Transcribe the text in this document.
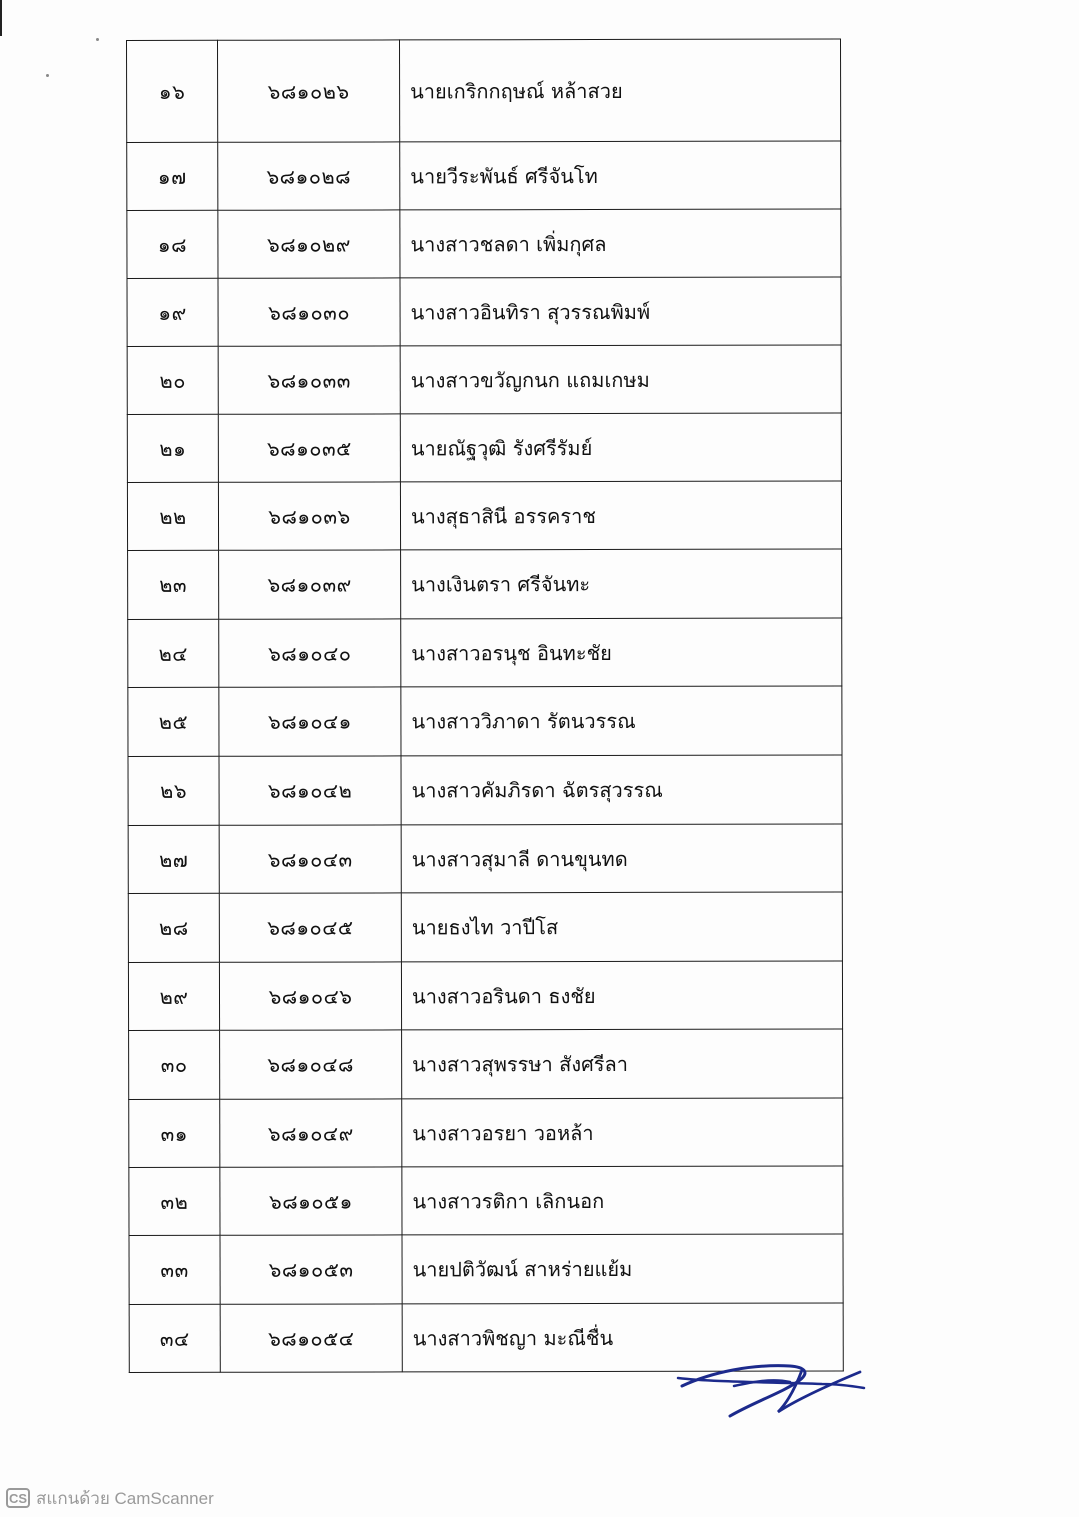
๑๖	๖๘๑๐๒๖	นายเกริกกฤษณ์ หล้าสวย
๑๗	๖๘๑๐๒๘	นายวีระพันธ์ ศรีจันโท
๑๘	๖๘๑๐๒๙	นางสาวชลดา เพิ่มกุศล
๑๙	๖๘๑๐๓๐	นางสาวอินทิรา สุวรรณพิมพ์
๒๐	๖๘๑๐๓๓	นางสาวขวัญกนก แถมเกษม
๒๑	๖๘๑๐๓๕	นายณัฐวุฒิ รังศรีรัมย์
๒๒	๖๘๑๐๓๖	นางสุธาสินี อรรคราช
๒๓	๖๘๑๐๓๙	นางเงินตรา ศรีจันทะ
๒๔	๖๘๑๐๔๐	นางสาวอรนุช อินทะชัย
๒๕	๖๘๑๐๔๑	นางสาววิภาดา รัตนวรรณ
๒๖	๖๘๑๐๔๒	นางสาวคัมภิรดา ฉัตรสุวรรณ
๒๗	๖๘๑๐๔๓	นางสาวสุมาลี ดานขุนทด
๒๘	๖๘๑๐๔๕	นายธงไท วาปีโส
๒๙	๖๘๑๐๔๖	นางสาวอรินดา ธงชัย
๓๐	๖๘๑๐๔๘	นางสาวสุพรรษา สังศรีลา
๓๑	๖๘๑๐๔๙	นางสาวอรยา วอหล้า
๓๒	๖๘๑๐๕๑	นางสาวรติกา เลิกนอก
๓๓	๖๘๑๐๕๓	นายปติวัฒน์ สาหร่ายแย้ม
๓๔	๖๘๑๐๕๔	นางสาวพิชญา มะณีชื่น
CS สแกนด้วย CamScanner
